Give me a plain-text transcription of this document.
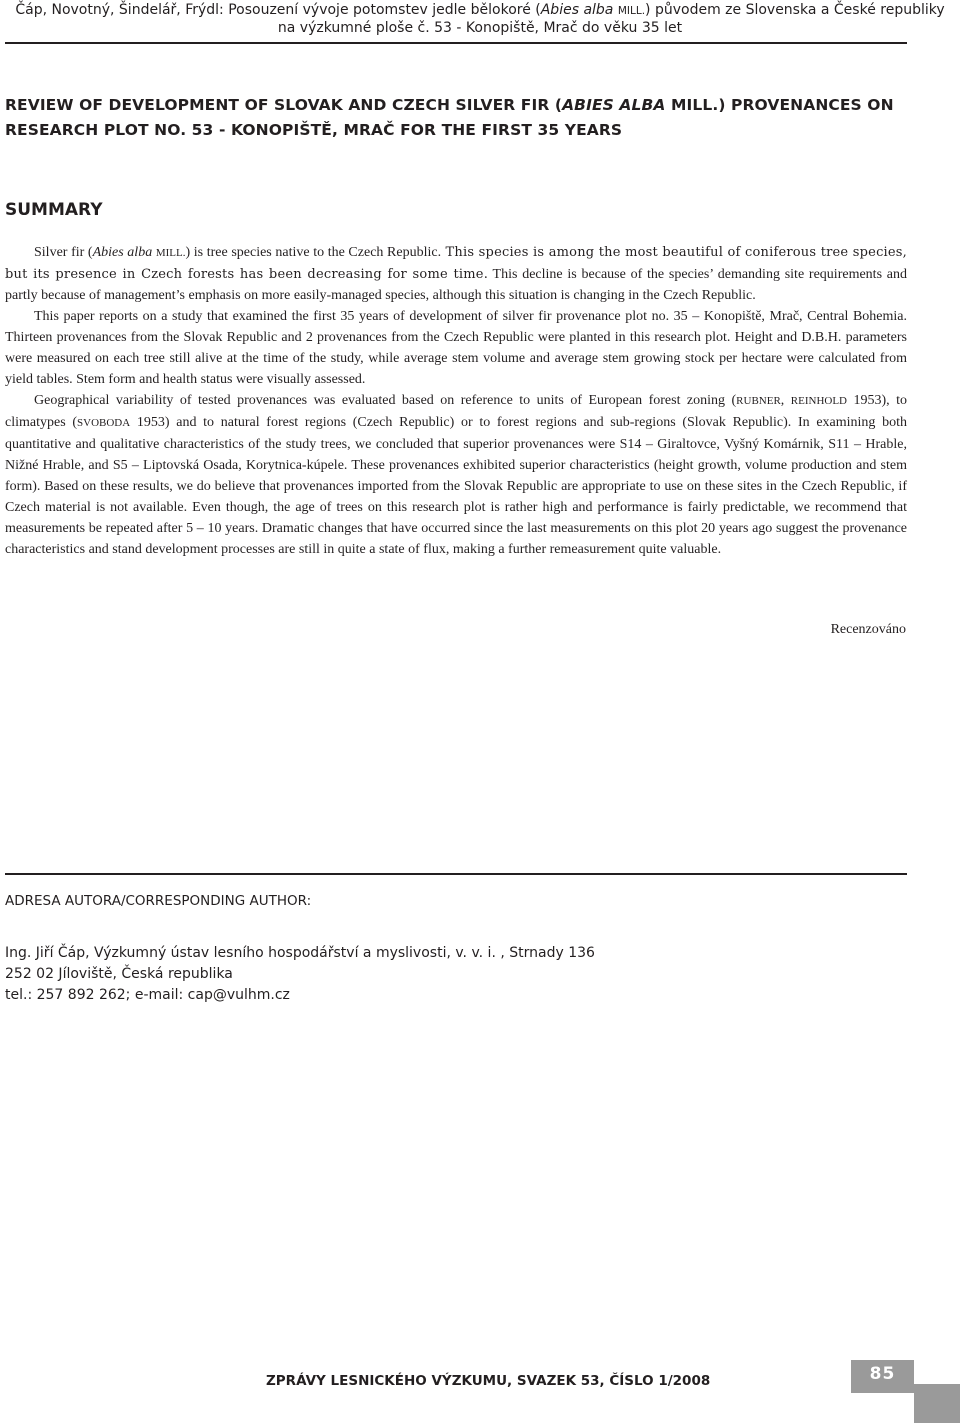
Čáp, Novotný, Šindelář, Frýdl: Posouzení vývoje potomstev jedle bělokoré (Abies alba MILL.) původem ze Slovenska a České republiky
na výzkumné ploše č. 53 - Konopiště, Mrač do věku 35 let
REVIEW OF DEVELOPMENT OF SLOVAK AND CZECH SILVER FIR (ABIES ALBA MILL.) PROVENANCES ON RESEARCH PLOT NO. 53 - KONOPIŠTĚ, MRAČ FOR THE FIRST 35 YEARS
SUMMARY

Silver fir (Abies alba MILL.) is tree species native to the Czech Republic. This species is among the most beautiful of coniferous tree species, but its presence in Czech forests has been decreasing for some time. This decline is because of the species’ demanding site requirements and partly because of management’s emphasis on more easily-managed species, although this situation is changing in the Czech Republic.

This paper reports on a study that examined the first 35 years of development of silver fir provenance plot no. 35 – Konopiště, Mrač, Central Bohemia. Thirteen provenances from the Slovak Republic and 2 provenances from the Czech Republic were planted in this research plot. Height and D.B.H. parameters were measured on each tree still alive at the time of the study, while average stem volume and average stem growing stock per hectare were calculated from yield tables. Stem form and health status were visually assessed.

Geographical variability of tested provenances was evaluated based on reference to units of European forest zoning (RUBNER, REINHOLD 1953), to climatypes (SVOBODA 1953) and to natural forest regions (Czech Republic) or to forest regions and sub-regions (Slovak Republic). In examining both quantitative and qualitative characteristics of the study trees, we concluded that superior provenances were S14 – Giraltovce, Vyšný Komárnik, S11 – Hrable, Nižné Hrable, and S5 – Liptovská Osada, Korytnica-kúpele. These provenances exhibited superior characteristics (height growth, volume production and stem form). Based on these results, we do believe that provenances imported from the Slovak Republic are appropriate to use on these sites in the Czech Republic, if Czech material is not available. Even though, the age of trees on this research plot is rather high and performance is fairly predictable, we recommend that measurements be repeated after 5 – 10 years. Dramatic changes that have occurred since the last measurements on this plot 20 years ago suggest the provenance characteristics and stand development processes are still in quite a state of flux, making a further remeasurement quite valuable.

Recenzováno
ADRESA AUTORA/CORRESPONDING AUTHOR:
Ing. Jiří Čáp, Výzkumný ústav lesního hospodářství a myslivosti, v. v. i. , Strnady 136
252 02 Jíloviště, Česká republika
tel.: 257 892 262; e-mail: cap@vulhm.cz
ZPRÁVY LESNICKÉHO VÝZKUMU, SVAZEK 53, ČÍSLO 1/2008	85
